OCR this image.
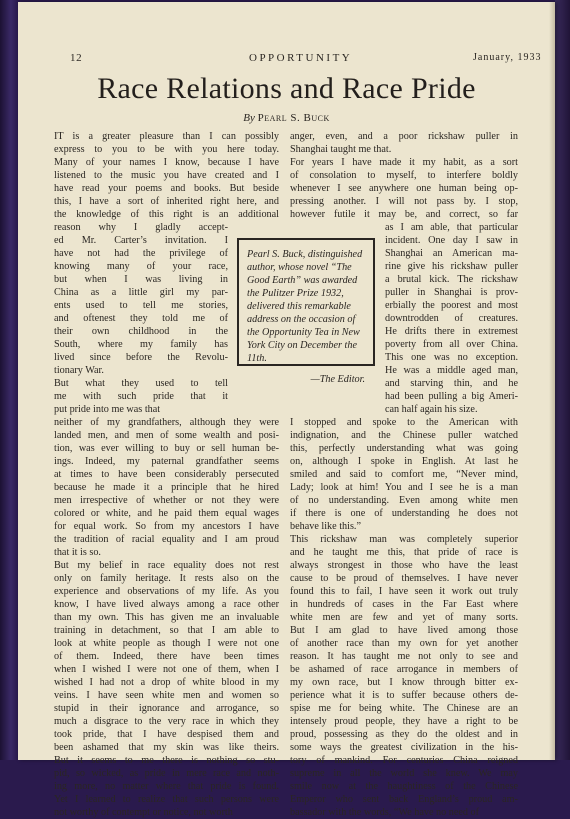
12	OPPORTUNITY	January, 1933
Race Relations and Race Pride
By Pearl S. Buck
IT is a greater pleasure than I can possibly
express to you to be with you here today.
Many of your names I know, because I have
listened to the music you have created and I
have read your poems and books. But beside
this, I have a sort of inherited right here, and
the knowledge of this right is an additional
reason why I gladly accept-
ed Mr. Carter’s invitation. I
have not had the privilege of
knowing many of your race,
but when I was living in
China as a little girl my par-
ents used to tell me stories,
and oftenest they told me of
their own childhood in the
South, where my family has
lived since before the Revolu-
tionary War.
But what they used to tell
me with such pride that it
put pride into me was that
neither of my grandfathers, although they were
landed men, and men of some wealth and posi-
tion, was ever willing to buy or sell human be-
ings. Indeed, my paternal grandfather seems
at times to have been considerably persecuted
because he made it a principle that he hired
men irrespective of whether or not they were
colored or white, and he paid them equal wages
for equal work. So from my ancestors I have
the tradition of racial equality and I am proud
that it is so.
But my belief in race equality does not rest
only on family heritage. It rests also on the
experience and observations of my life. As you
know, I have lived always among a race other
than my own. This has given me an invaluable
training in detachment, so that I am able to
look at white people as though I were not one
of them. Indeed, there have been times
when I wished I were not one of them, when I
wished I had not a drop of white blood in my
veins. I have seen white men and women so
stupid in their ignorance and arrogance, so
much a disgrace to the very race in which they
took pride, that I have despised them and
been ashamed that my skin was like theirs.
But it seems to me there is nothing so stu-
pid, so wicked, as pride in mere race and noth-
ing more, no matter where that pride is found.
Yet I learned to realize that such persons were
not worthy of contempt or notice, not worth
anger, even, and a poor rickshaw puller in
Shanghai taught me that.
For years I have made it my habit, as a sort
of consolation to myself, to interfere boldly
whenever I see anywhere one human being op-
pressing another. I will not pass by. I stop,
however futile it may be, and correct, so far
as I am able, that particular
incident. One day I saw in
Shanghai an American ma-
rine give his rickshaw puller
a brutal kick. The rickshaw
puller in Shanghai is prov-
erbially the poorest and most
downtrodden of creatures.
He drifts there in extremest
poverty from all over China.
This one was no exception.
He was a middle aged man,
and starving thin, and he
had been pulling a big Ameri-
can half again his size.
I stopped and spoke to the American with
indignation, and the Chinese puller watched
this, perfectly understanding what was going
on, although I spoke in English. At last he
smiled and said to comfort me, “Never mind,
Lady; look at him! You and I see he is a man
of no understanding. Even among white men
if there is one of understanding he does not
behave like this.”
This rickshaw man was completely superior
and he taught me this, that pride of race is
always strongest in those who have the least
cause to be proud of themselves. I have never
found this to fail, I have seen it work out truly
in hundreds of cases in the Far East where
white men are few and yet of many sorts.
But I am glad to have lived among those
of another race than my own for yet another
reason. It has taught me not only to see and
be ashamed of race arrogance in members of
my own race, but I know through bitter ex-
perience what it is to suffer because others de-
spise me for being white. The Chinese are an
intensely proud people, they have a right to be
proud, possessing as they do the oldest and in
some ways the greatest civilization in the his-
tory of mankind. For centuries China reigned
supreme in all the world she knew. We may
smile now at the haughtiness of the Chinese
Emperor who sent back England’s proud am-
bassador with the words, “We have no need of
Pearl S. Buck, distinguished author, whose novel “The Good Earth” was awarded the Pulitzer Prize 1932, delivered this remarkable address on the occasion of the Opportunity Tea in New York City on December the 11th.
—The Editor.
